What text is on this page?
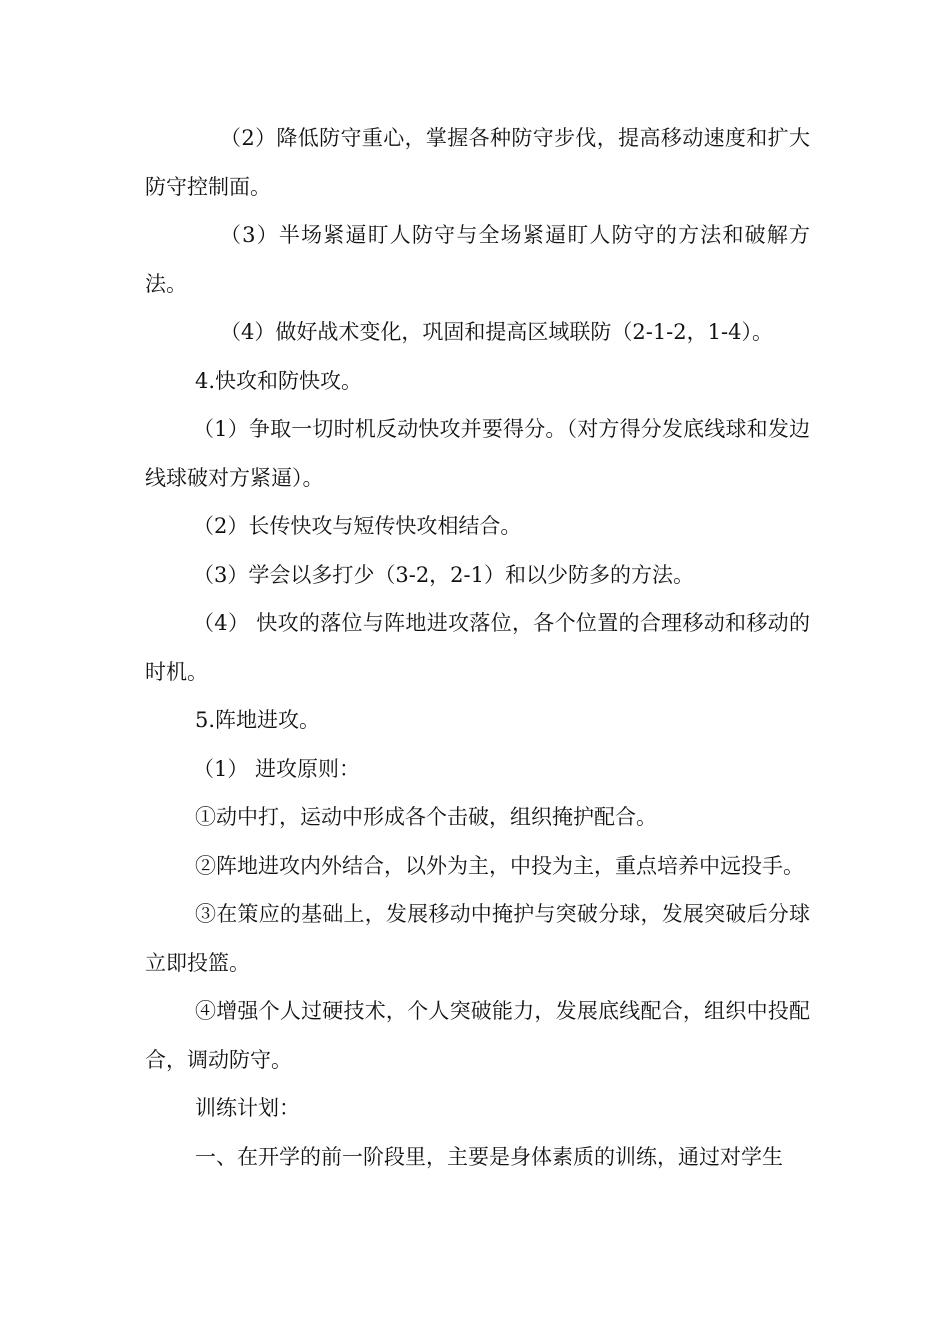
（2）降低防守重心，掌握各种防守步伐，提高移动速度和扩大防守控制面。

（3）半场紧逼盯人防守与全场紧逼盯人防守的方法和破解方法。

（4）做好战术变化，巩固和提高区域联防（2-1-2，1-4）。

4.快攻和防快攻。

（1）争取一切时机反动快攻并要得分。（对方得分发底线球和发边线球破对方紧逼）。

（2）长传快攻与短传快攻相结合。

（3）学会以多打少（3-2，2-1）和以少防多的方法。

（4） 快攻的落位与阵地进攻落位，各个位置的合理移动和移动的时机。

5.阵地进攻。

（1） 进攻原则：

①动中打，运动中形成各个击破，组织掩护配合。

②阵地进攻内外结合，以外为主，中投为主，重点培养中远投手。

③在策应的基础上，发展移动中掩护与突破分球，发展突破后分球立即投篮。

④增强个人过硬技术，个人突破能力，发展底线配合，组织中投配合，调动防守。

训练计划：

一、在开学的前一阶段里，主要是身体素质的训练，通过对学生
